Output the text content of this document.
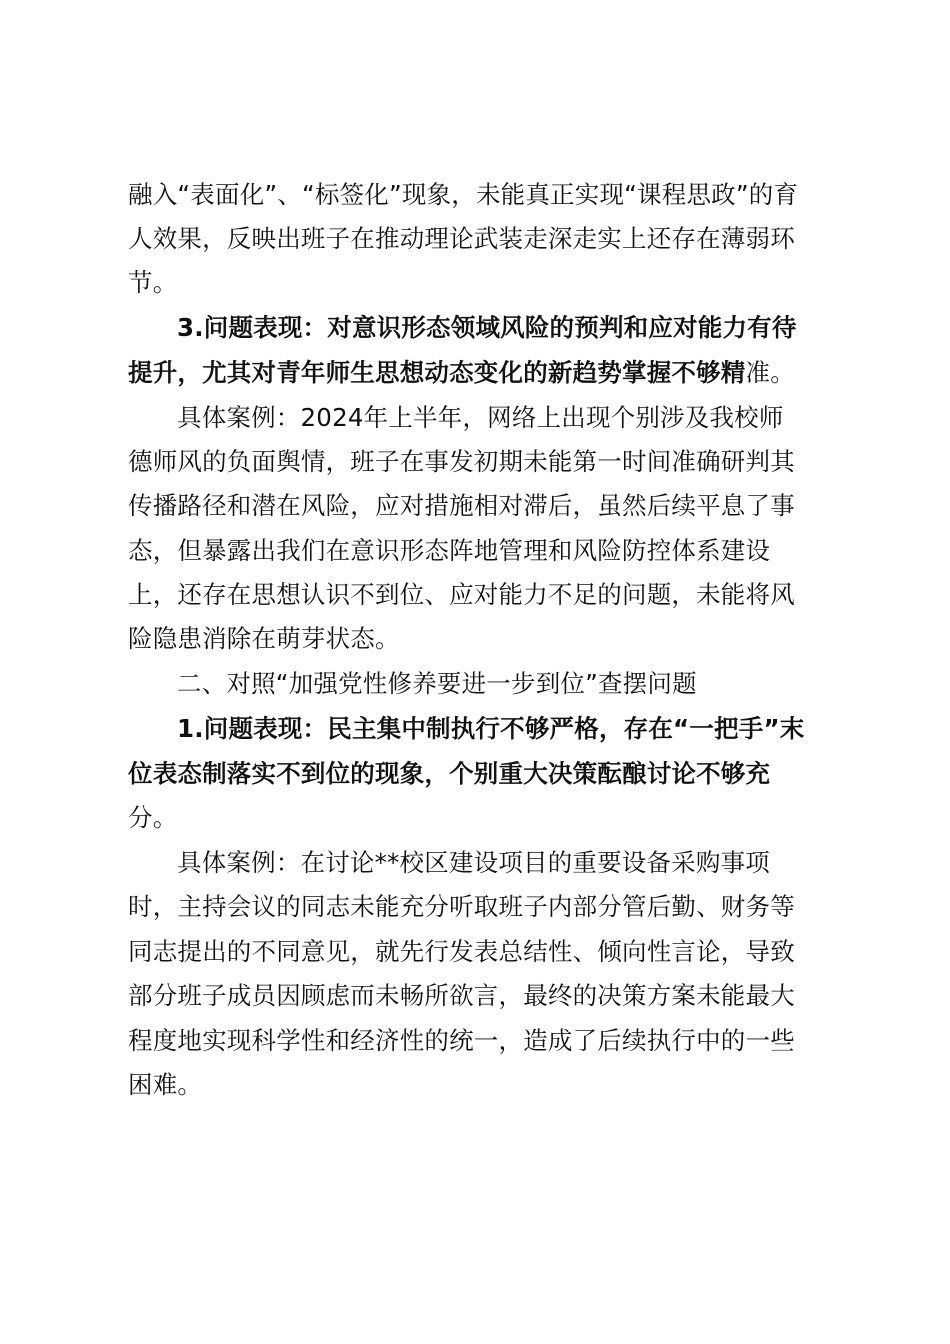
融入“表面化”、“标签化”现象，未能真正实现“课程思政”的育
人效果，反映出班子在推动理论武装走深走实上还存在薄弱环
节。
3.问题表现：对意识形态领域风险的预判和应对能力有待
提升，尤其对青年师生思想动态变化的新趋势掌握不够精准。
具体案例：2024年上半年，网络上出现个别涉及我校师
德师风的负面舆情，班子在事发初期未能第一时间准确研判其
传播路径和潜在风险，应对措施相对滞后，虽然后续平息了事
态，但暴露出我们在意识形态阵地管理和风险防控体系建设
上，还存在思想认识不到位、应对能力不足的问题，未能将风
险隐患消除在萌芽状态。
二、对照“加强党性修养要进一步到位”查摆问题
1.问题表现：民主集中制执行不够严格，存在“一把手”末
位表态制落实不到位的现象，个别重大决策酝酿讨论不够充
分。
具体案例：在讨论**校区建设项目的重要设备采购事项
时，主持会议的同志未能充分听取班子内部分管后勤、财务等
同志提出的不同意见，就先行发表总结性、倾向性言论，导致
部分班子成员因顾虑而未畅所欲言，最终的决策方案未能最大
程度地实现科学性和经济性的统一，造成了后续执行中的一些
困难。
